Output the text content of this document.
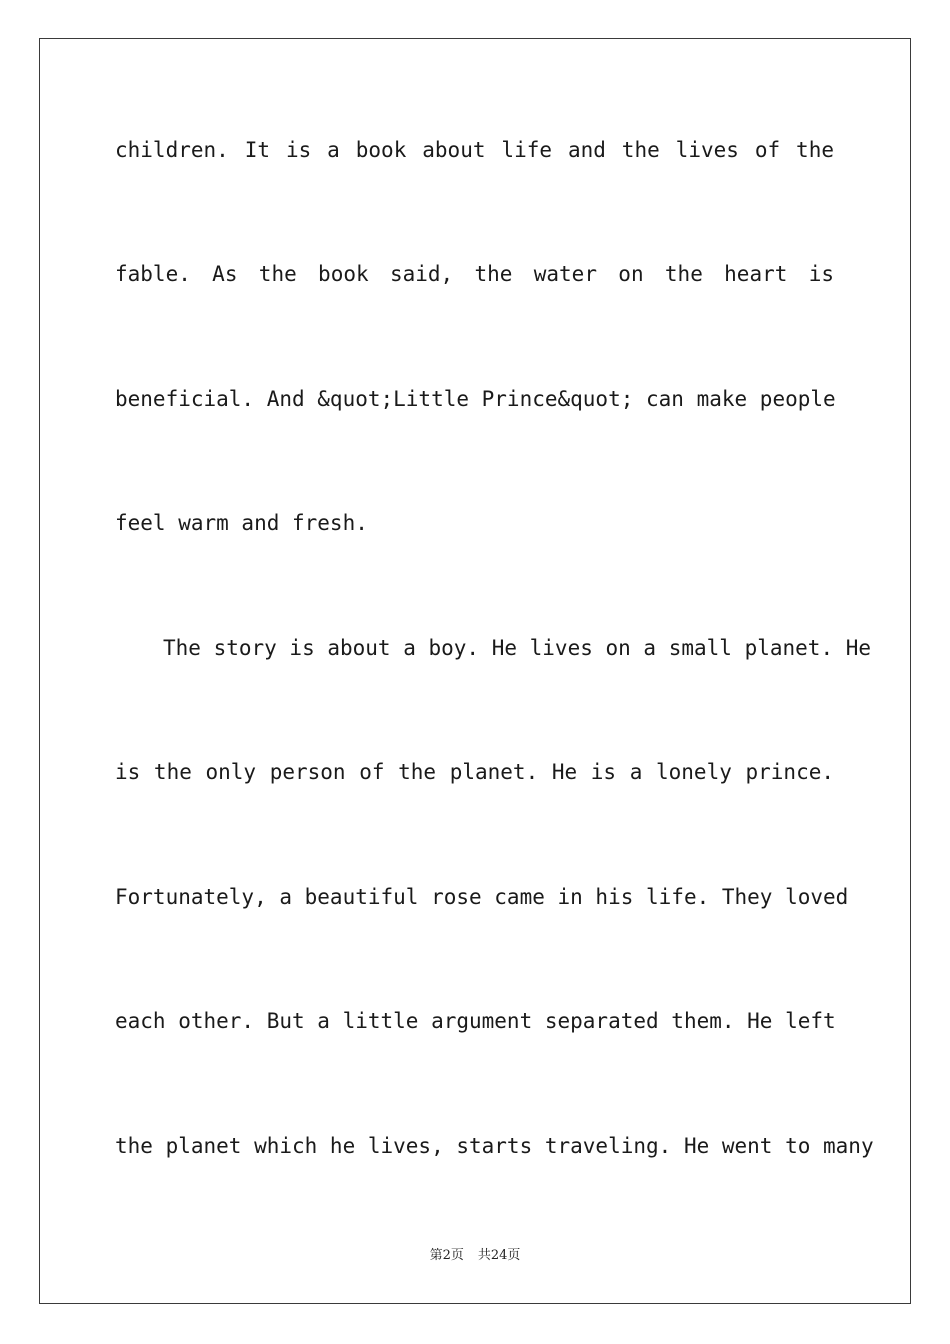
children. It is a book about life and the lives of the
fable. As the book said, the water on the heart is
beneficial. And &quot;Little Prince&quot; can make people
feel warm and fresh.
The story is about a boy. He lives on a small planet. He
is the only person of the planet. He is a lonely prince.
Fortunately, a beautiful rose came in his life. They loved
each other. But a little argument separated them. He left
the planet which he lives, starts traveling. He went to many
第2页 共24页
